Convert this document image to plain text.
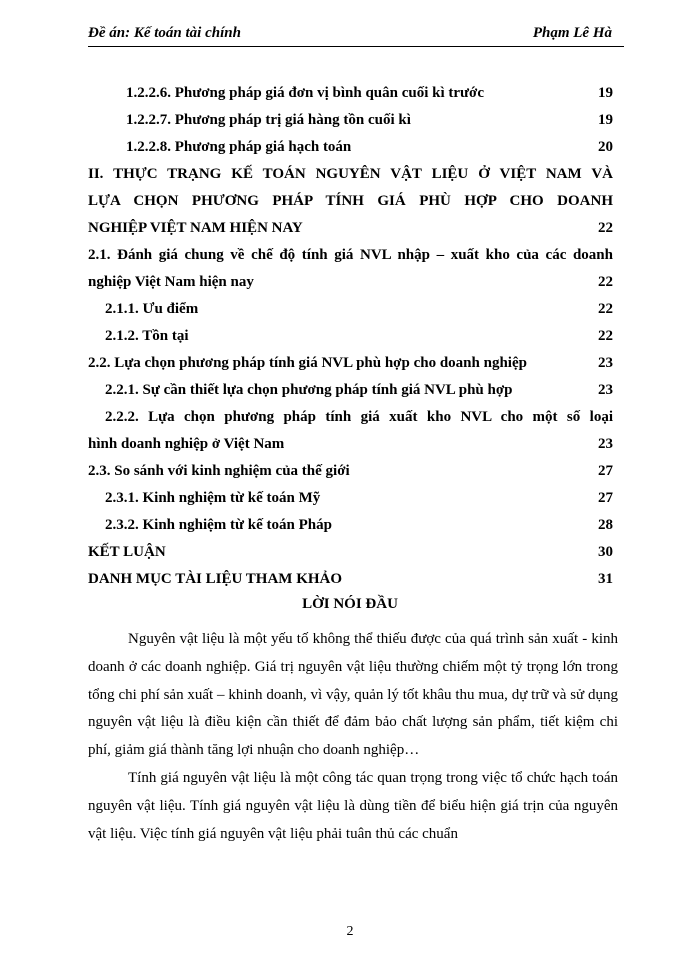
Đề án: Kế toán tài chính	Phạm Lê Hà
1.2.2.6. Phương pháp giá đơn vị bình quân cuối kì trước	19
1.2.2.7. Phương pháp trị giá hàng tồn cuối kì	19
1.2.2.8. Phương pháp giá hạch toán	20
II. THỰC TRẠNG KẾ TOÁN NGUYÊN VẬT LIỆU Ở VIỆT NAM VÀ
LỰA CHỌN PHƯƠNG PHÁP TÍNH GIÁ PHÙ HỢP CHO DOANH
NGHIỆP VIỆT NAM HIỆN NAY	22
2.1. Đánh giá chung về chế độ tính giá NVL nhập – xuất kho của các doanh
nghiệp Việt Nam hiện nay	22
2.1.1. Ưu điểm	22
2.1.2. Tồn tại	22
2.2. Lựa chọn phương pháp tính giá NVL phù hợp cho doanh nghiệp	23
2.2.1. Sự cần thiết lựa chọn phương pháp tính giá NVL phù hợp	23
2.2.2. Lựa chọn phương pháp tính giá xuất kho NVL cho một số loại
hình doanh nghiệp ở Việt Nam	23
2.3. So sánh với kinh nghiệm của thế giới	27
2.3.1. Kinh nghiệm từ kế toán Mỹ	27
2.3.2. Kinh nghiệm từ kế toán Pháp	28
KẾT LUẬN	30
DANH MỤC TÀI LIỆU THAM KHẢO	31
LỜI NÓI ĐẦU

Nguyên vật liệu là một yếu tố không thể thiếu được của quá trình sản xuất - kinh doanh ở các doanh nghiệp. Giá trị nguyên vật liệu thường chiếm một tỷ trọng lớn trong tổng chi phí sản xuất – khinh doanh, vì vậy, quản lý tốt khâu thu mua, dự trữ và sử dụng nguyên vật liệu là điều kiện cần thiết để đảm bảo chất lượng sản phẩm, tiết kiệm chi phí, giảm giá thành tăng lợi nhuận cho doanh nghiệp…

Tính giá nguyên vật liệu là một công tác quan trọng trong việc tổ chức hạch toán nguyên vật liệu. Tính giá nguyên vật liệu là dùng tiền để biểu hiện giá trịn của nguyên vật liệu. Việc tính giá nguyên vật liệu phải tuân thủ các chuẩn

2
